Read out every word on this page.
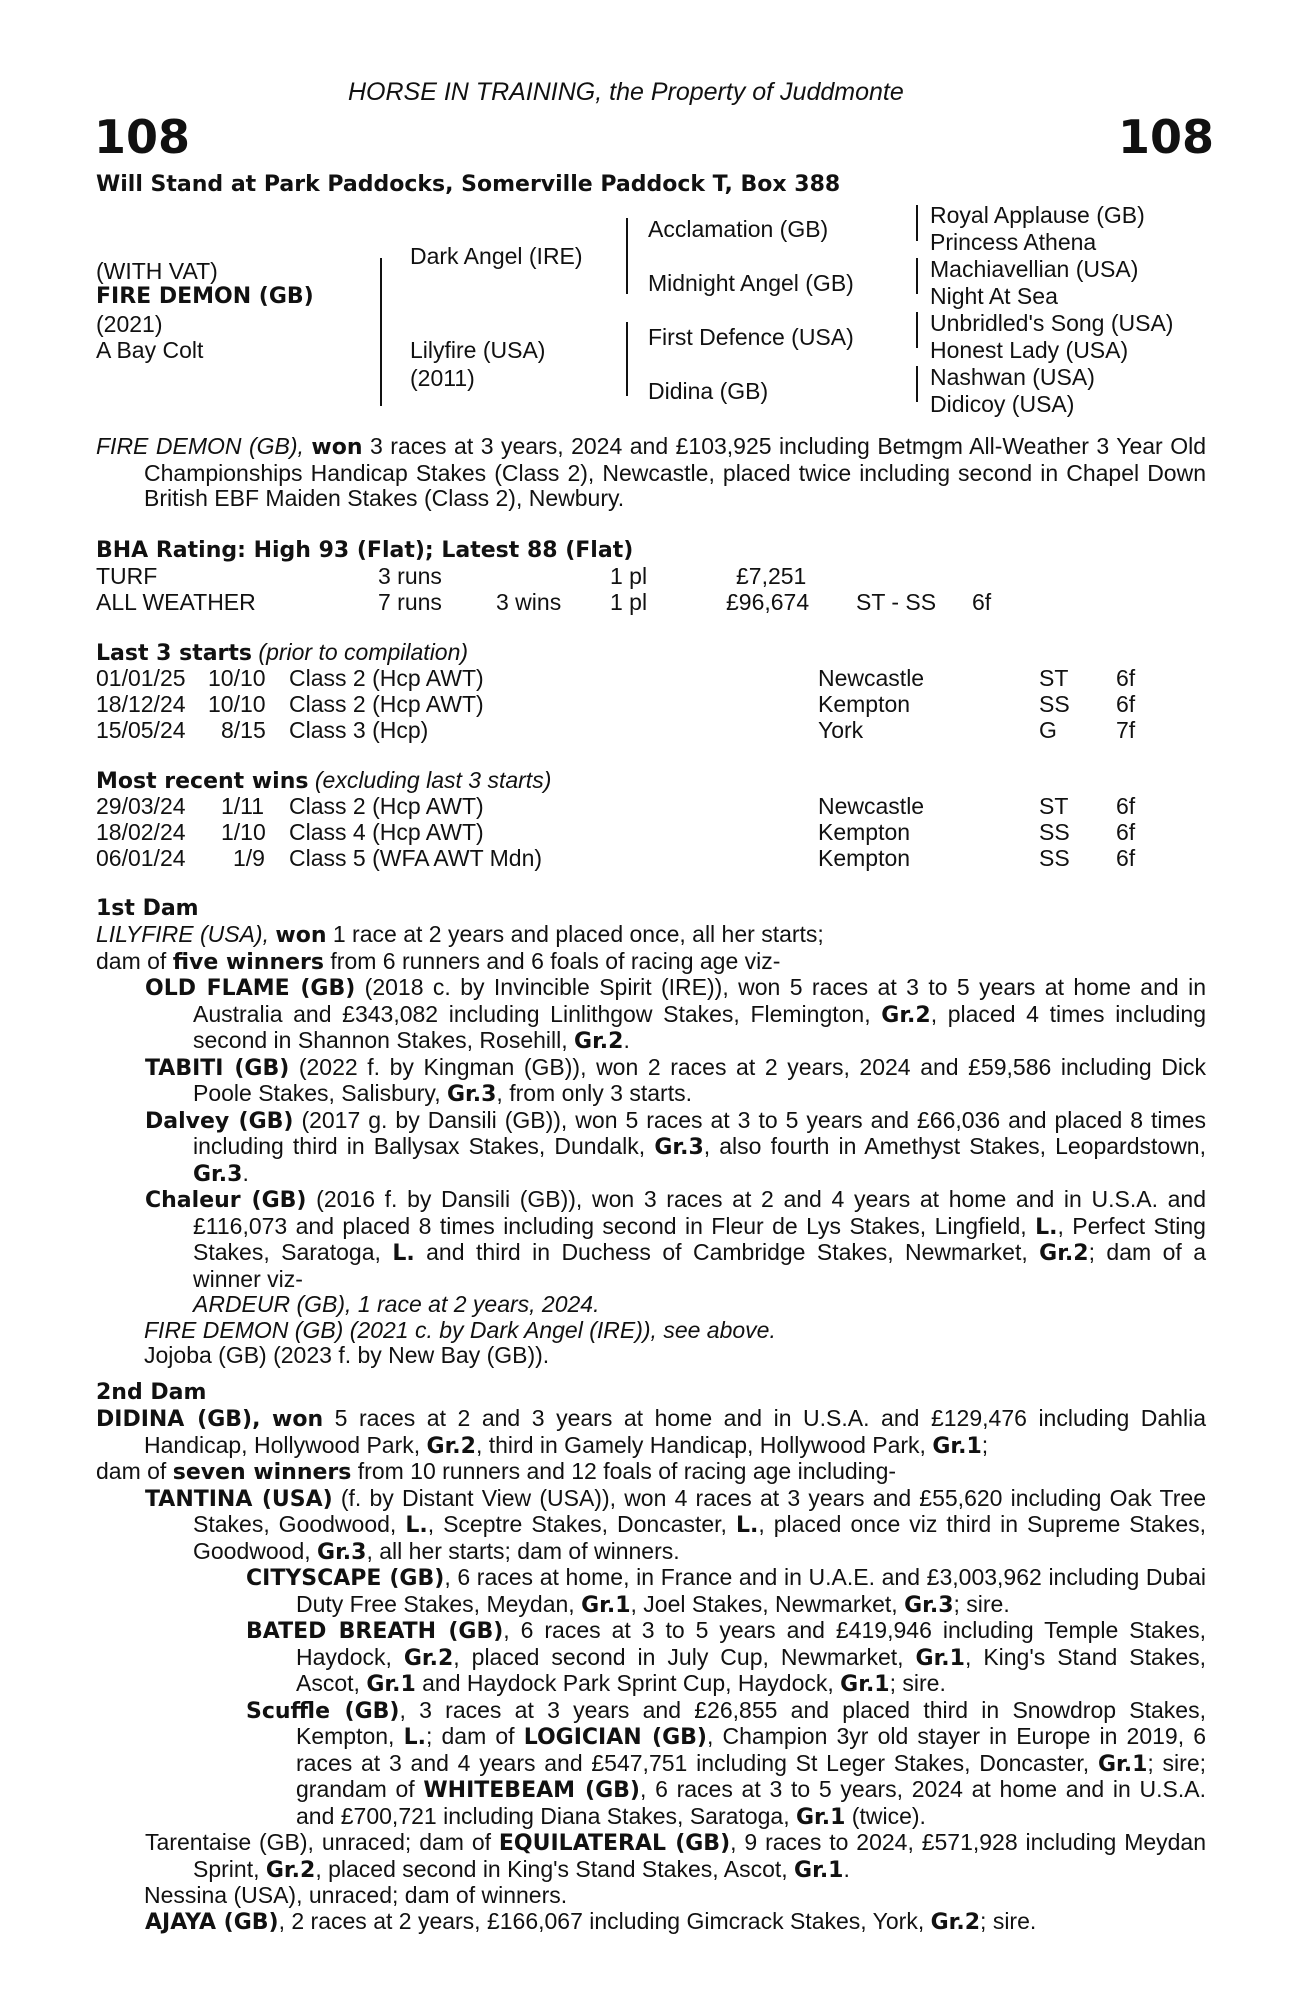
HORSE IN TRAINING, the Property of Juddmonte
108	108
Will Stand at Park Paddocks, Somerville Paddock T, Box 388
(WITH VAT)
FIRE DEMON (GB)
(2021)
A Bay Colt
Dark Angel (IRE)
Lilyfire (USA)
(2011)
Acclamation (GB)
Midnight Angel (GB)
First Defence (USA)
Didina (GB)
Royal Applause (GB)
Princess Athena
Machiavellian (USA)
Night At Sea
Unbridled's Song (USA)
Honest Lady (USA)
Nashwan (USA)
Didicoy (USA)

FIRE DEMON (GB), won 3 races at 3 years, 2024 and £103,925 including Betmgm All-Weather 3 Year Old Championships Handicap Stakes (Class 2), Newcastle, placed twice including second in Chapel Down British EBF Maiden Stakes (Class 2), Newbury.

BHA Rating: High 93 (Flat); Latest 88 (Flat)
TURF	3 runs	1 pl	£7,251
ALL WEATHER	7 runs 3 wins 1 pl	£96,674 ST - SS 6f
Last 3 starts (prior to compilation)
01/01/25 10/10 Class 2 (Hcp AWT)	Newcastle	ST 6f
18/12/24 10/10 Class 2 (Hcp AWT)	Kempton	SS 6f
15/05/24 8/15 Class 3 (Hcp)	York	G	7f
Most recent wins (excluding last 3 starts)
29/03/24 1/11 Class 2 (Hcp AWT)	Newcastle	ST 6f
18/02/24 1/10 Class 4 (Hcp AWT)	Kempton	SS 6f
06/01/24 1/9 Class 5 (WFA AWT Mdn)	Kempton	SS 6f
1st Dam

LILYFIRE (USA), won 1 race at 2 years and placed once, all her starts;

dam of five winners from 6 runners and 6 foals of racing age viz-

OLD FLAME (GB) (2018 c. by Invincible Spirit (IRE)), won 5 races at 3 to 5 years at home and in Australia and £343,082 including Linlithgow Stakes, Flemington, Gr.2, placed 4 times including second in Shannon Stakes, Rosehill, Gr.2.

TABITI (GB) (2022 f. by Kingman (GB)), won 2 races at 2 years, 2024 and £59,586 including Dick Poole Stakes, Salisbury, Gr.3, from only 3 starts.

Dalvey (GB) (2017 g. by Dansili (GB)), won 5 races at 3 to 5 years and £66,036 and placed 8 times including third in Ballysax Stakes, Dundalk, Gr.3, also fourth in Amethyst Stakes, Leopardstown, Gr.3.

Chaleur (GB) (2016 f. by Dansili (GB)), won 3 races at 2 and 4 years at home and in U.S.A. and £116,073 and placed 8 times including second in Fleur de Lys Stakes, Lingfield, L., Perfect Sting Stakes, Saratoga, L. and third in Duchess of Cambridge Stakes, Newmarket, Gr.2; dam of a winner viz-

ARDEUR (GB), 1 race at 2 years, 2024.

FIRE DEMON (GB) (2021 c. by Dark Angel (IRE)), see above.

Jojoba (GB) (2023 f. by New Bay (GB)).

2nd Dam

DIDINA (GB), won 5 races at 2 and 3 years at home and in U.S.A. and £129,476 including Dahlia Handicap, Hollywood Park, Gr.2, third in Gamely Handicap, Hollywood Park, Gr.1;

dam of seven winners from 10 runners and 12 foals of racing age including-

TANTINA (USA) (f. by Distant View (USA)), won 4 races at 3 years and £55,620 including Oak Tree Stakes, Goodwood, L., Sceptre Stakes, Doncaster, L., placed once viz third in Supreme Stakes, Goodwood, Gr.3, all her starts; dam of winners.

CITYSCAPE (GB), 6 races at home, in France and in U.A.E. and £3,003,962 including Dubai Duty Free Stakes, Meydan, Gr.1, Joel Stakes, Newmarket, Gr.3; sire.

BATED BREATH (GB), 6 races at 3 to 5 years and £419,946 including Temple Stakes, Haydock, Gr.2, placed second in July Cup, Newmarket, Gr.1, King's Stand Stakes, Ascot, Gr.1 and Haydock Park Sprint Cup, Haydock, Gr.1; sire.

Scuffle (GB), 3 races at 3 years and £26,855 and placed third in Snowdrop Stakes, Kempton, L.; dam of LOGICIAN (GB), Champion 3yr old stayer in Europe in 2019, 6 races at 3 and 4 years and £547,751 including St Leger Stakes, Doncaster, Gr.1; sire; grandam of WHITEBEAM (GB), 6 races at 3 to 5 years, 2024 at home and in U.S.A. and £700,721 including Diana Stakes, Saratoga, Gr.1 (twice).

Tarentaise (GB), unraced; dam of EQUILATERAL (GB), 9 races to 2024, £571,928 including Meydan Sprint, Gr.2, placed second in King's Stand Stakes, Ascot, Gr.1.

Nessina (USA), unraced; dam of winners.

AJAYA (GB), 2 races at 2 years, £166,067 including Gimcrack Stakes, York, Gr.2; sire.
